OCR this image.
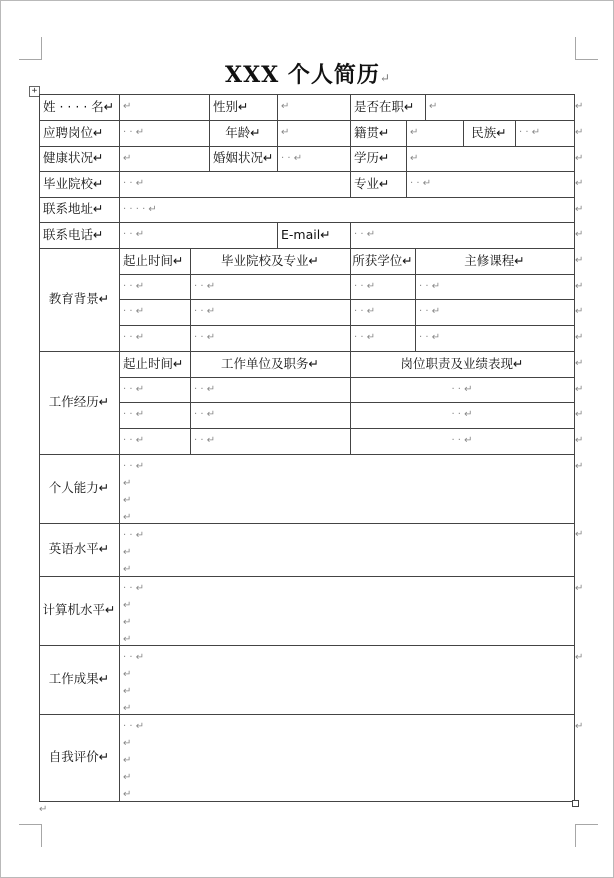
XXX 个人简历↵
+
姓 · · · · 名↵ ↵	性别↵	↵	是否在职↵ ↵
应聘岗位↵ · · ↵	年龄↵ ↵	籍贯↵ ↵	民族↵ · · ↵
健康状况↵ ↵	婚姻状况↵ · · ↵	学历↵ ↵
毕业院校↵ · · ↵	专业↵ · · ↵
联系地址↵ · · · · ↵
联系电话↵ · · ↵	E-mail↵ · · ↵
教育背景↵
起止时间↵	毕业院校及专业↵	所获学位↵	主修课程↵
· · ↵	· · ↵	· · ↵	· · ↵
· · ↵	· · ↵	· · ↵	· · ↵
· · ↵	· · ↵	· · ↵	· · ↵
工作经历↵
起止时间↵	工作单位及职务↵	岗位职责及业绩表现↵
· · ↵	· · ↵	· · ↵
· · ↵	· · ↵	· · ↵
· · ↵	· · ↵	· · ↵
个人能力↵
· · ↵
↵
↵
↵
英语水平↵
· · ↵
↵
↵
计算机水平↵
· · ↵
↵
↵
↵
工作成果↵
· · ↵
↵
↵
↵
自我评价↵
· · ↵
↵
↵
↵
↵
↵
↵
↵
↵
↵
↵
↵
↵
↵
↵
↵
↵
↵
↵
↵
↵
↵
↵
↵
↵
